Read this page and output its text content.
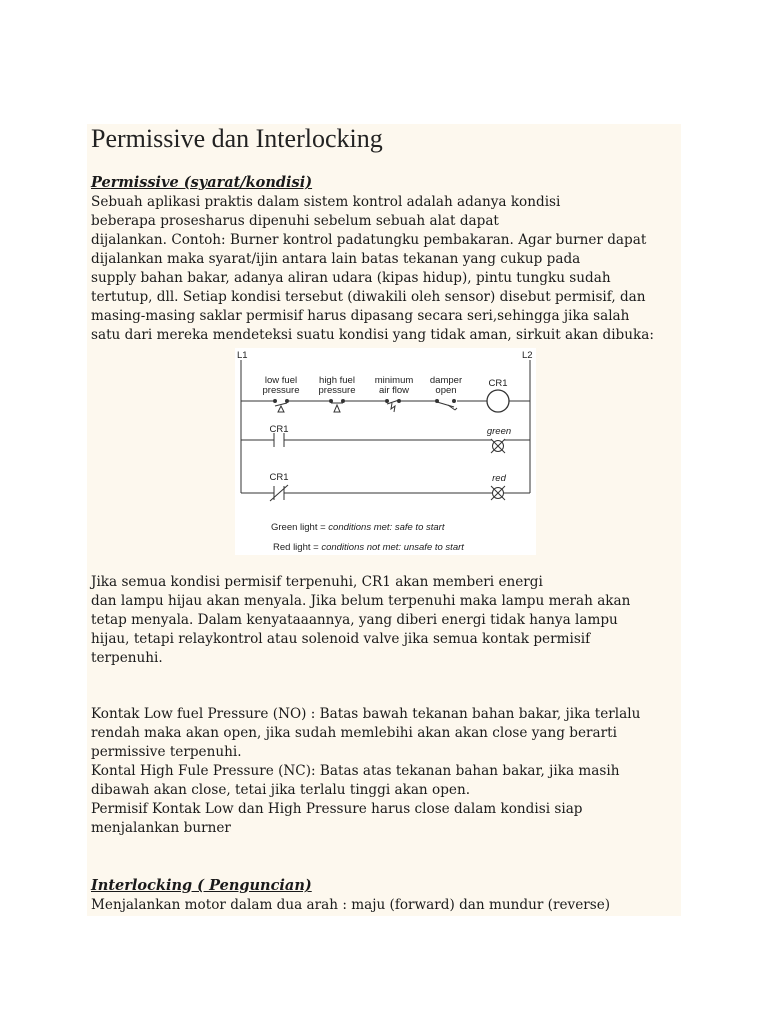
Permissive dan Interlocking
Permissive (syarat/kondisi)

Sebuah aplikasi praktis dalam sistem kontrol adalah adanya kondisi

beberapa prosesharus dipenuhi sebelum sebuah alat dapat

dijalankan. Contoh: Burner kontrol padatungku pembakaran. Agar burner dapat

dijalankan maka syarat/ijin antara lain batas tekanan yang cukup pada

supply bahan bakar, adanya aliran udara (kipas hidup), pintu tungku sudah

tertutup, dll. Setiap kondisi tersebut (diwakili oleh sensor) disebut permisif, dan

masing-masing saklar permisif harus dipasang secara seri,sehingga jika salah

satu dari mereka mendeteksi suatu kondisi yang tidak aman, sirkuit akan dibuka:

L1	L2
low fuel
pressure
high fuel
pressure
minimum
air flow
damper
open
CR1
CR1	green
CR1	red
Green light = conditions met: safe to start
Red light = conditions not met: unsafe to start

Jika semua kondisi permisif terpenuhi, CR1 akan memberi energi

dan lampu hijau akan menyala. Jika belum terpenuhi maka lampu merah akan

tetap menyala. Dalam kenyataaannya, yang diberi energi tidak hanya lampu

hijau, tetapi relaykontrol atau solenoid valve jika semua kontak permisif

terpenuhi.

Kontak Low fuel Pressure (NO) : Batas bawah tekanan bahan bakar, jika terlalu

rendah maka akan open, jika sudah memlebihi akan akan close yang berarti

permissive terpenuhi.

Kontal High Fule Pressure (NC): Batas atas tekanan bahan bakar, jika masih

dibawah akan close, tetai jika terlalu tinggi akan open.

Permisif Kontak Low dan High Pressure harus close dalam kondisi siap

menjalankan burner

Interlocking ( Penguncian)

Menjalankan motor dalam dua arah : maju (forward) dan mundur (reverse)
